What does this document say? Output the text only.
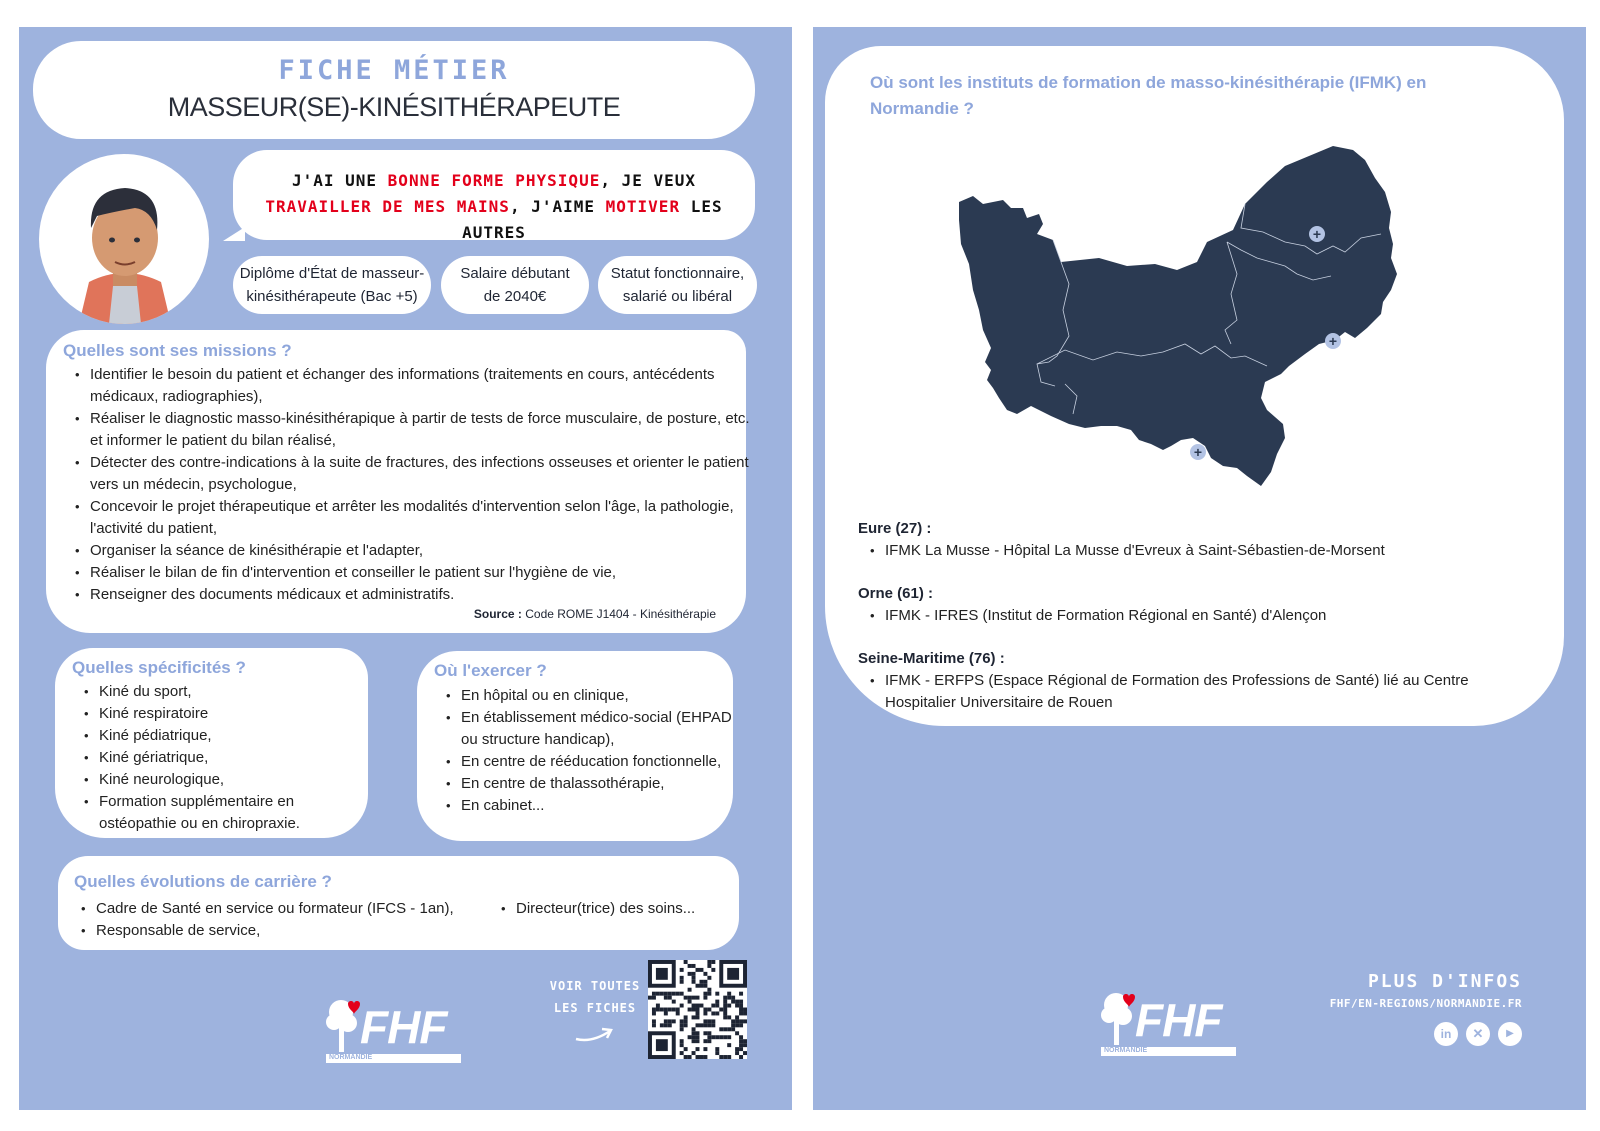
FICHE MÉTIER
MASSEUR(SE)-KINÉSITHÉRAPEUTE
J'AI UNE BONNE FORME PHYSIQUE, JE VEUX TRAVAILLER DE MES MAINS, J'AIME MOTIVER LES AUTRES
Diplôme d'État de masseur-
kinésithérapeute (Bac +5)
Salaire débutant
de 2040€
Statut fonctionnaire,
salarié ou libéral
Quelles sont ses missions ?
• Identifier le besoin du patient et échanger des informations (traitements en cours, antécédents médicaux, radiographies),
• Réaliser le diagnostic masso-kinésithérapique à partir de tests de force musculaire, de posture, etc. et informer le patient du bilan réalisé,
• Détecter des contre-indications à la suite de fractures, des infections osseuses et orienter le patient vers un médecin, psychologue,
• Concevoir le projet thérapeutique et arrêter les modalités d'intervention selon l'âge, la pathologie, l'activité du patient,
• Organiser la séance de kinésithérapie et l'adapter,
• Réaliser le bilan de fin d'intervention et conseiller le patient sur l'hygiène de vie,
• Renseigner des documents médicaux et administratifs.
Source : Code ROME J1404 - Kinésithérapie
Quelles spécificités ?
• Kiné du sport,
• Kiné respiratoire
• Kiné pédiatrique,
• Kiné gériatrique,
• Kiné neurologique,
• Formation supplémentaire en ostéopathie ou en chiropraxie.
Où l'exercer ?
• En hôpital ou en clinique,
• En établissement médico-social (EHPAD ou structure handicap),
• En centre de rééducation fonctionnelle,
• En centre de thalassothérapie,
• En cabinet...
Quelles évolutions de carrière ?
• Cadre de Santé en service ou formateur (IFCS - 1an),
• Responsable de service,
• Directeur(trice) des soins...
FHF
NORMANDIE
VOIR TOUTES
LES FICHES
Où sont les instituts de formation de masso-kinésithérapie (IFMK) en Normandie ?
+
+
+
Eure (27) :
• IFMK La Musse - Hôpital La Musse d'Evreux à Saint-Sébastien-de-Morsent
Orne (61) :
• IFMK - IFRES (Institut de Formation Régional en Santé) d'Alençon
Seine-Maritime (76) :
• IFMK - ERFPS (Espace Régional de Formation des Professions de Santé) lié au Centre Hospitalier Universitaire de Rouen
FHF
NORMANDIE
PLUS D'INFOS
FHF/EN-REGIONS/NORMANDIE.FR
in	✕	▶
